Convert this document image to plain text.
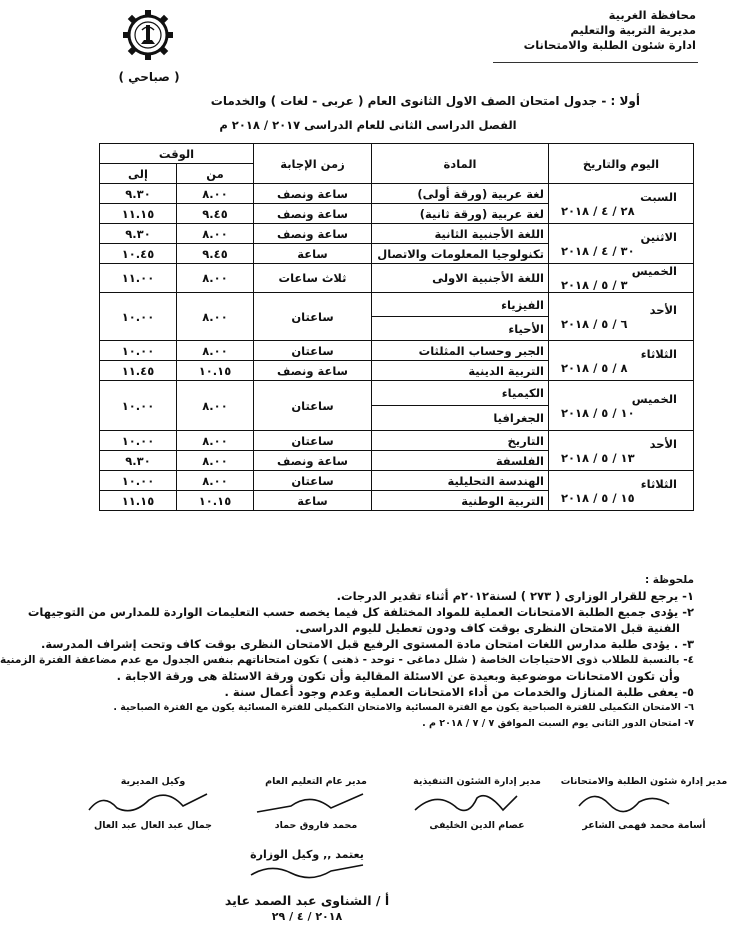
محافظة الغربية
مديرية التربية والتعليم
ادارة شئون الطلبة والامتحانات
( صباحي )
أولا : - جدول امتحان الصف الاول الثانوى العام ( عربى - لغات ) والخدمات
الفصل الدراسى الثانى للعام الدراسى ٢٠١٧ / ٢٠١٨ م
اليوم والتاريخ	المادة	زمن الإجابة	الوقت	
			من	إلى

السبت
٢٨ / ٤ / ٢٠١٨	لغة عربية (ورقة أولى)	ساعة ونصف	٨.٠٠	٩.٣٠
	لغة عربية (ورقة ثانية)	ساعة ونصف	٩.٤٥	١١.١٥

الاثنين
٣٠ / ٤ / ٢٠١٨	اللغة الأجنبية الثانية	ساعة ونصف	٨.٠٠	٩.٣٠
	تكنولوجيا المعلومات والاتصال	ساعة	٩.٤٥	١٠.٤٥

الخميس
٣ / ٥ / ٢٠١٨	اللغة الأجنبية الاولى	ثلاث ساعات	٨.٠٠	١١.٠٠

الأحد
٦ / ٥ / ٢٠١٨	الفيزياء	ساعتان	٨.٠٠	١٠.٠٠
	الأحياء			

الثلاثاء
٨ / ٥ / ٢٠١٨	الجبر وحساب المثلثات	ساعتان	٨.٠٠	١٠.٠٠
	التربية الدينية	ساعة ونصف	١٠.١٥	١١.٤٥

الخميس
١٠ / ٥ / ٢٠١٨	الكيمياء	ساعتان	٨.٠٠	١٠.٠٠
	الجغرافيا			

الأحد
١٣ / ٥ / ٢٠١٨	التاريخ	ساعتان	٨.٠٠	١٠.٠٠
	الفلسفة	ساعة ونصف	٨.٠٠	٩.٣٠

الثلاثاء
١٥ / ٥ / ٢٠١٨	الهندسة التحليلية	ساعتان	٨.٠٠	١٠.٠٠
	التربية الوطنية	ساعة	١٠.١٥	١١.١٥
ملحوظة :
١- يرجع للقرار الوزارى ( ٢٧٣ ) لسنة٢٠١٢م أثناء تقدير الدرجات.
٢- يؤدى جميع الطلبة الامتحانات العملية للمواد المختلفة كل فيما يخصه حسب التعليمات الواردة للمدارس من التوجيهات
الفنية قبل الامتحان النظرى بوقت كاف ودون تعطيل لليوم الدراسى.
٣- . يؤدى طلبة مدارس اللغات امتحان مادة المستوى الرفيع قبل الامتحان النظرى بوقت كاف وتحت إشراف المدرسة.
٤- بالنسبة للطلاب ذوى الاحتياجات الخاصة ( شلل دماغى - توحد - ذهنى ) تكون امتحاناتهم بنفس الجدول مع عدم مضاعفة الفترة الزمنية
وأن تكون الامتحانات موضوعية وبعيدة عن الاسئلة المقالية وأن تكون ورقة الاسئلة هى ورقة الاجابة .
٥- يعفى طلبة المنازل والخدمات من أداء الامتحانات العملية وعدم وجود أعمال سنة .
٦- الامتحان التكميلى للفترة الصباحية يكون مع الفترة المسائية والامتحان التكميلى للفترة المسائية يكون مع الفترة الصباحية .
٧- امتحان الدور الثانى يوم السبت الموافق ٧ / ٧ / ٢٠١٨ م .
مدير إدارة شئون الطلبة والامتحانات
أسامة محمد فهمى الشاعر
مدير إدارة الشئون التنفيذية
عصام الدين الخليفى
مدير عام التعليم العام
محمد فاروق حماد
وكيل المديرية
جمال عبد العال عبد العال
يعتمد ,, وكيل الوزارة
أ / الشناوى عبد الصمد عايد
٢٠١٨ / ٤ / ٢٩
